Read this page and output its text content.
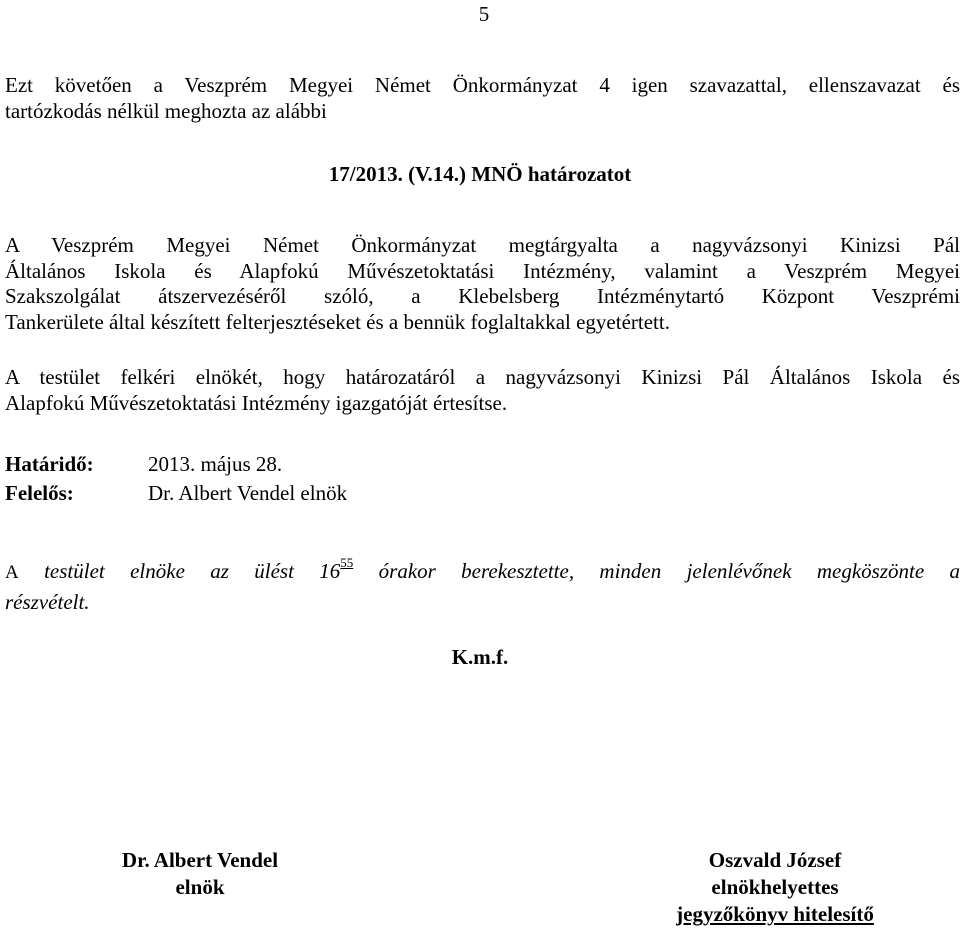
5
Ezt követően a Veszprém Megyei Német Önkormányzat 4 igen szavazattal, ellenszavazat és
tartózkodás nélkül meghozta az alábbi
17/2013. (V.14.) MNÖ határozatot
A Veszprém Megyei Német Önkormányzat megtárgyalta a nagyvázsonyi Kinizsi Pál
Általános Iskola és Alapfokú Művészetoktatási Intézmény, valamint a Veszprém Megyei
Szakszolgálat átszervezéséről szóló, a Klebelsberg Intézménytartó Központ Veszprémi
Tankerülete által készített felterjesztéseket és a bennük foglaltakkal egyetértett.
A testület felkéri elnökét, hogy határozatáról a nagyvázsonyi Kinizsi Pál Általános Iskola és
Alapfokú Művészetoktatási Intézmény igazgatóját értesítse.
Határidő:	2013. május 28.
Felelős:	Dr. Albert Vendel elnök
A testület elnöke az ülést $16^{55}$ órakor berekesztette, minden jelenlévőnek megköszönte a
részvételt.
K.m.f.
Dr. Albert Vendel
elnök
Oszvald József
elnökhelyettes
jegyzőkönyv hitelesítő
